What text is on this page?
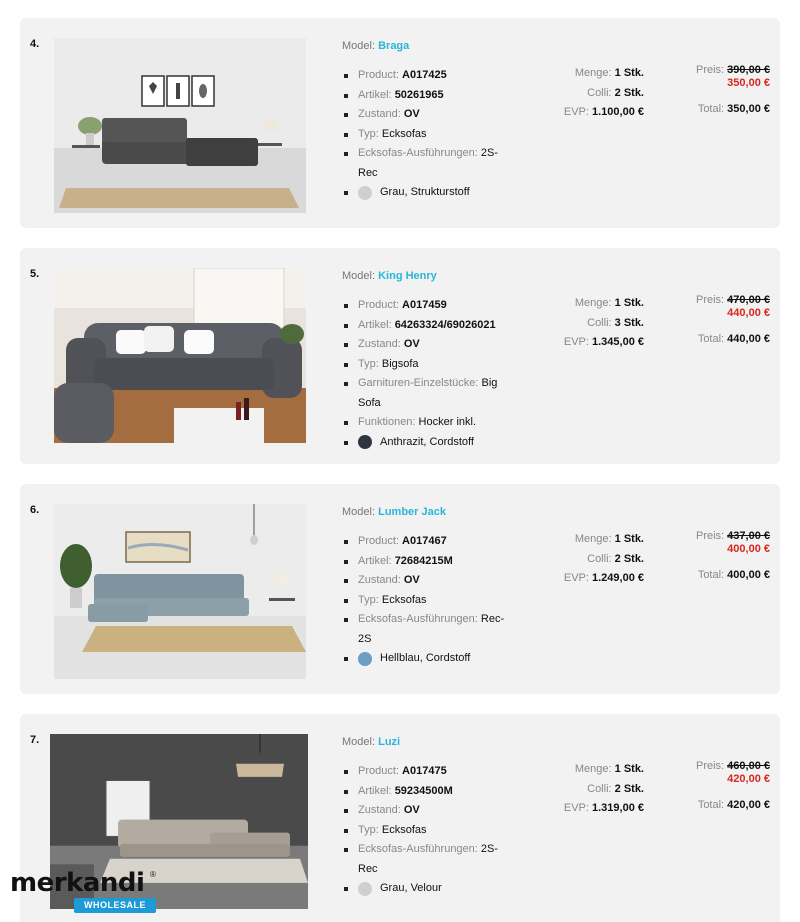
4.	Model: Braga
Product: A017425
Artikel: 50261965
Zustand: OV
Typ: Ecksofas
Ecksofas-Ausführungen: 2S-
Rec
Grau, Strukturstoff
Menge: 1 Stk.
Colli: 2 Stk.
EVP: 1.100,00 €
Preis: 390,00 €
350,00 €
Total: 350,00 €
5.	Model: King Henry
Product: A017459
Artikel: 64263324/69026021
Zustand: OV
Typ: Bigsofa
Garnituren-Einzelstücke: Big
Sofa
Funktionen: Hocker inkl.
Anthrazit, Cordstoff
Menge: 1 Stk.
Colli: 3 Stk.
EVP: 1.345,00 €
Preis: 470,00 €
440,00 €
Total: 440,00 €
6.	Model: Lumber Jack
Product: A017467
Artikel: 72684215M
Zustand: OV
Typ: Ecksofas
Ecksofas-Ausführungen: Rec-
2S
Hellblau, Cordstoff
Menge: 1 Stk.
Colli: 2 Stk.
EVP: 1.249,00 €
Preis: 437,00 €
400,00 €
Total: 400,00 €
7.	Model: Luzi
Product: A017475
Artikel: 59234500M
Zustand: OV
Typ: Ecksofas
Ecksofas-Ausführungen: 2S-
Rec
Grau, Velour
Menge: 1 Stk.
Colli: 2 Stk.
EVP: 1.319,00 €
Preis: 460,00 €
420,00 €
Total: 420,00 €
merkandi ®
WHOLESALE
